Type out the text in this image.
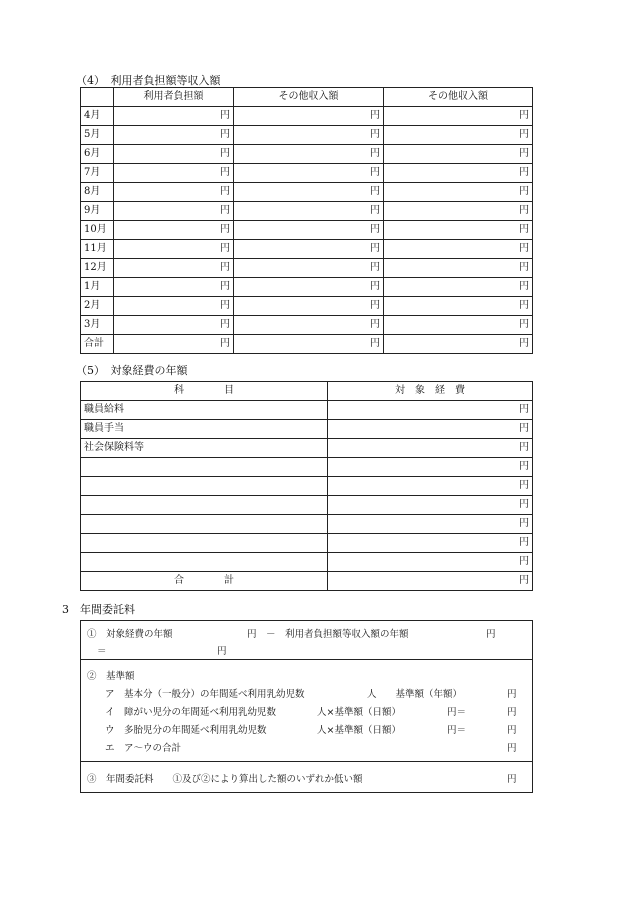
（4）　利用者負担額等収入額
	利用者負担額	その他収入額	その他収入額
4月	円	円	円
5月	円	円	円
6月	円	円	円
7月	円	円	円
8月	円	円	円
9月	円	円	円
10月	円	円	円
11月	円	円	円
12月	円	円	円
1月	円	円	円
2月	円	円	円
3月	円	円	円
合計	円	円	円
（5）　対象経費の年額
科　　　　目	対　象　経　費
職員給料	円
職員手当	円
社会保険料等	円
	円
	円
	円
	円
	円
	円
合　　　　計	円
3　年間委託料
①　対象経費の年額	円　－　利用者負担額等収入額の年額	円
＝	円
②　基準額
ア　基本分（一般分）の年間延べ利用乳幼児数	人　　基準額（年額）	円
イ　障がい児分の年間延べ利用乳幼児数	人×基準額（日額）	円＝	円
ウ　多胎児分の年間延べ利用乳幼児数	人×基準額（日額）	円＝	円
エ　ア～ウの合計	円
③　年間委託料　　①及び②により算出した額のいずれか低い額	円
